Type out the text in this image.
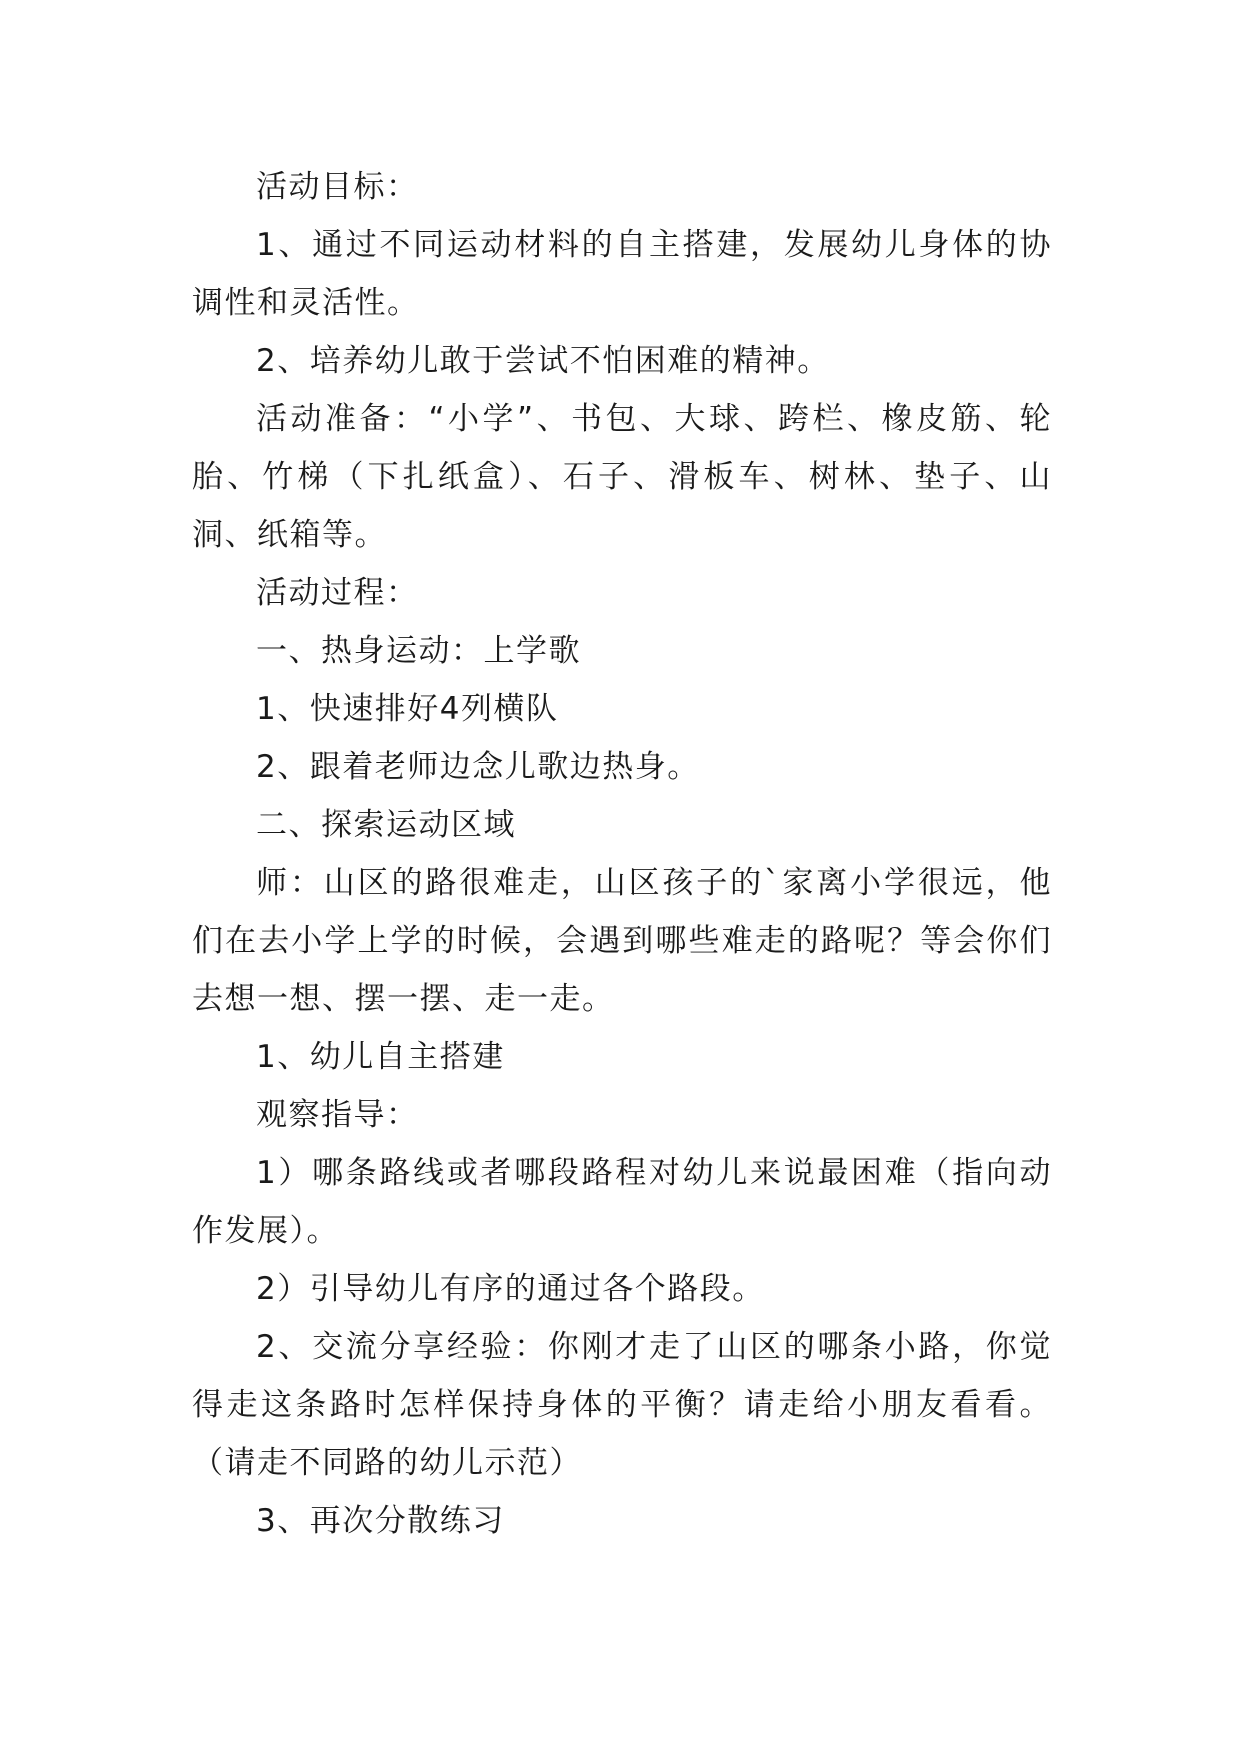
活动目标：

1、通过不同运动材料的自主搭建，发展幼儿身体的协调性和灵活性。

2、培养幼儿敢于尝试不怕困难的精神。

活动准备：“小学”、书包、大球、跨栏、橡皮筋、轮胎、竹梯（下扎纸盒）、石子、滑板车、树林、垫子、山洞、纸箱等。

活动过程：

一、热身运动：上学歌

1、快速排好4列横队

2、跟着老师边念儿歌边热身。

二、探索运动区域

师：山区的路很难走，山区孩子的`家离小学很远，他们在去小学上学的时候，会遇到哪些难走的路呢？等会你们去想一想、摆一摆、走一走。

1、幼儿自主搭建

观察指导：

1）哪条路线或者哪段路程对幼儿来说最困难（指向动作发展）。

2）引导幼儿有序的通过各个路段。

2、交流分享经验：你刚才走了山区的哪条小路，你觉得走这条路时怎样保持身体的平衡？请走给小朋友看看。（请走不同路的幼儿示范）

3、再次分散练习
